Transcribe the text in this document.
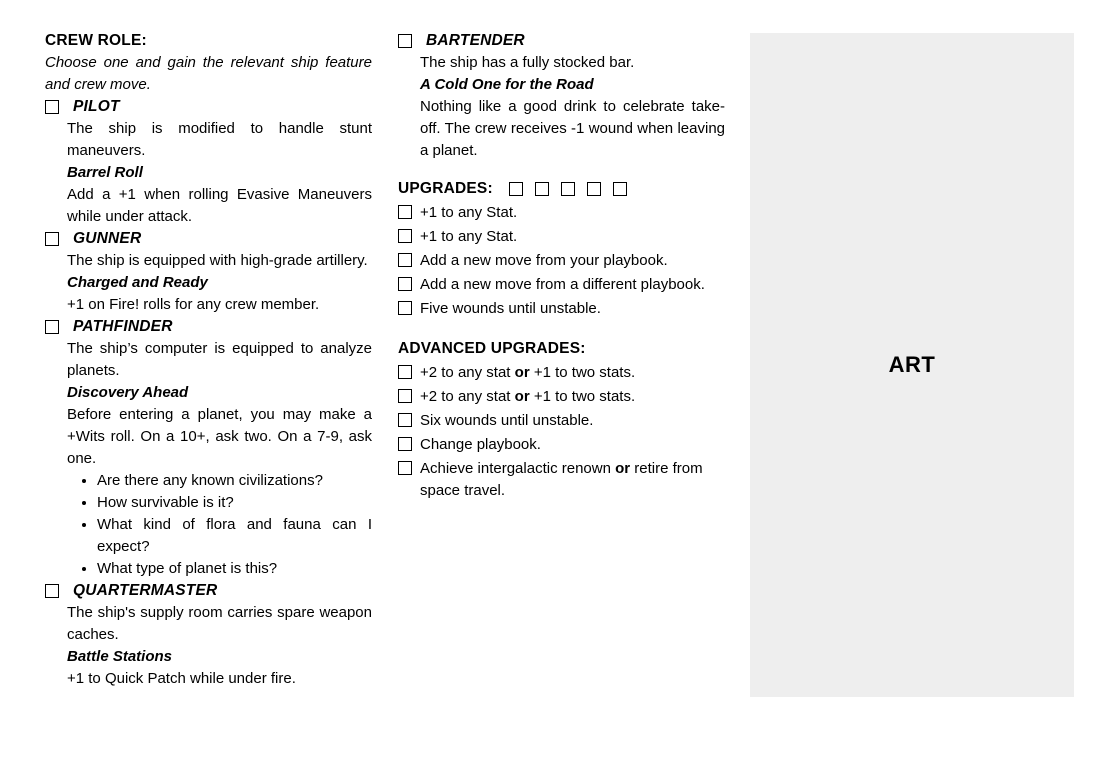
CREW ROLE:

Choose one and gain the relevant ship feature and crew move.

PILOT

The ship is modified to handle stunt maneuvers.

Barrel Roll

Add a +1 when rolling Evasive Maneuvers while under attack.

GUNNER

The ship is equipped with high-grade artillery.

Charged and Ready

+1 on Fire! rolls for any crew member.

PATHFINDER

The ship’s computer is equipped to analyze planets.

Discovery Ahead

Before entering a planet, you may make a +Wits roll. On a 10+, ask two. On a 7-9, ask one.

• Are there any known civilizations?
• How survivable is it?
• What kind of flora and fauna can I expect?
• What type of planet is this?
QUARTERMASTER

The ship's supply room carries spare weapon caches.

Battle Stations

+1 to Quick Patch while under fire.

BARTENDER

The ship has a fully stocked bar.

A Cold One for the Road

Nothing like a good drink to celebrate take-off. The crew receives -1 wound when leaving a planet.

UPGRADES:
+1 to any Stat.
+1 to any Stat.
Add a new move from your playbook.
Add a new move from a different playbook.
Five wounds until unstable.
ADVANCED UPGRADES:
+2 to any stat or +1 to two stats.
+2 to any stat or +1 to two stats.
Six wounds until unstable.
Change playbook.
Achieve intergalactic renown or retire from space travel.
ART
